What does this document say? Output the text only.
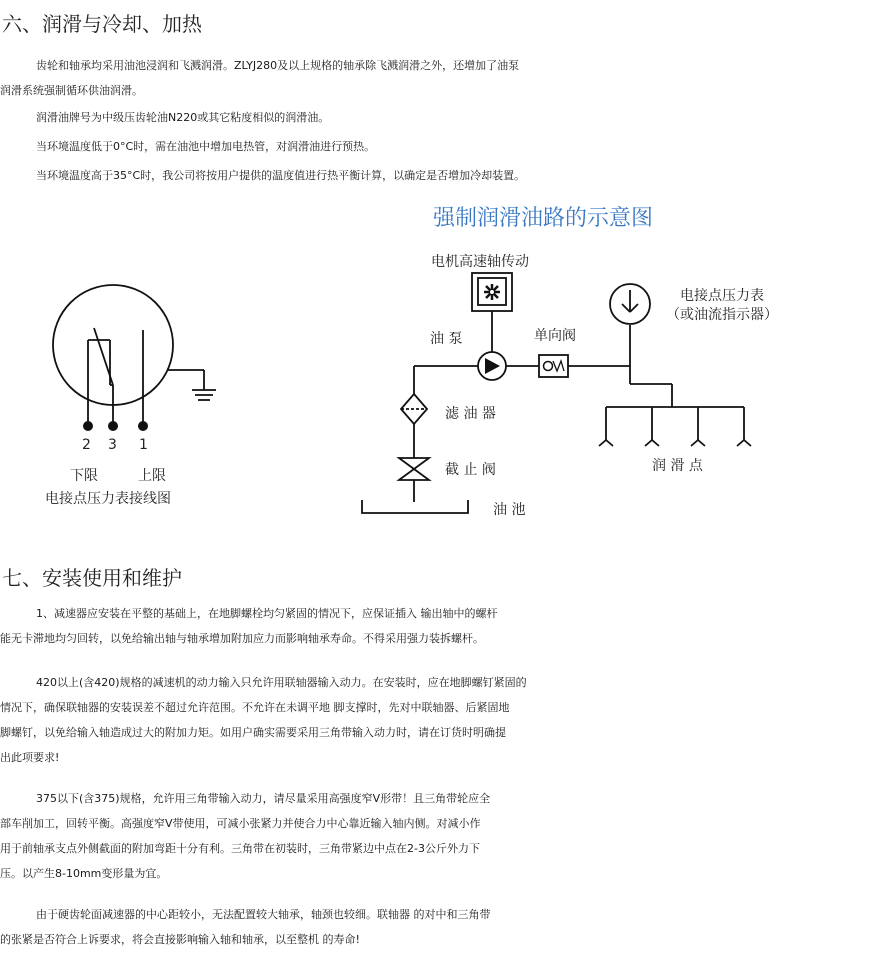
六、润滑与冷却、加热
齿轮和轴承均采用油池浸润和飞溅润滑。ZLYJ280及以上规格的轴承除飞溅润滑之外，还增加了油泵
润滑系统强制循环供油润滑。
润滑油牌号为中级压齿轮油N220或其它粘度相似的润滑油。
当环境温度低于0°C时，需在油池中增加电热管，对润滑油进行预热。
当环境温度高于35°C时，我公司将按用户提供的温度值进行热平衡计算，以确定是否增加冷却装置。
强制润滑油路的示意图
电机高速轴传动
电接点压力表
（或油流指示器）
油 泵	单向阀
滤 油 器
截 止 阀
油 池
润 滑 点
2 3 1
下限	上限
电接点压力表接线图
七、安装使用和维护
1、减速器应安装在平整的基础上，在地脚螺栓均匀紧固的情况下，应保证插入 输出轴中的螺杆
能无卡滞地均匀回转，以免给输出轴与轴承增加附加应力而影响轴承寿命。不得采用强力装拆螺杆。
420以上(含420)规格的减速机的动力输入只允许用联轴器输入动力。在安装时，应在地脚螺钉紧固的
情况下，确保联轴器的安装误差不超过允许范围。不允许在未调平地 脚支撑时，先对中联轴器、后紧固地
脚螺钉，以免给输入轴造成过大的附加力矩。如用户确实需要采用三角带输入动力时，请在订货时明确提
出此项要求!
375以下(含375)规格，允许用三角带输入动力，请尽量采用高强度窄V形带！且三角带轮应全
部车削加工，回转平衡。高强度窄V带使用，可减小张紧力并使合力中心靠近输入轴内侧。对减小作
用于前轴承支点外侧截面的附加弯距十分有利。三角带在初装时，三角带紧边中点在2-3公斤外力下
压。以产生8-10mm变形量为宜。
由于硬齿轮面减速器的中心距较小，无法配置较大轴承，轴颈也较细。联轴器 的对中和三角带
的张紧是否符合上诉要求，将会直接影响输入轴和轴承，以至整机 的寿命!
